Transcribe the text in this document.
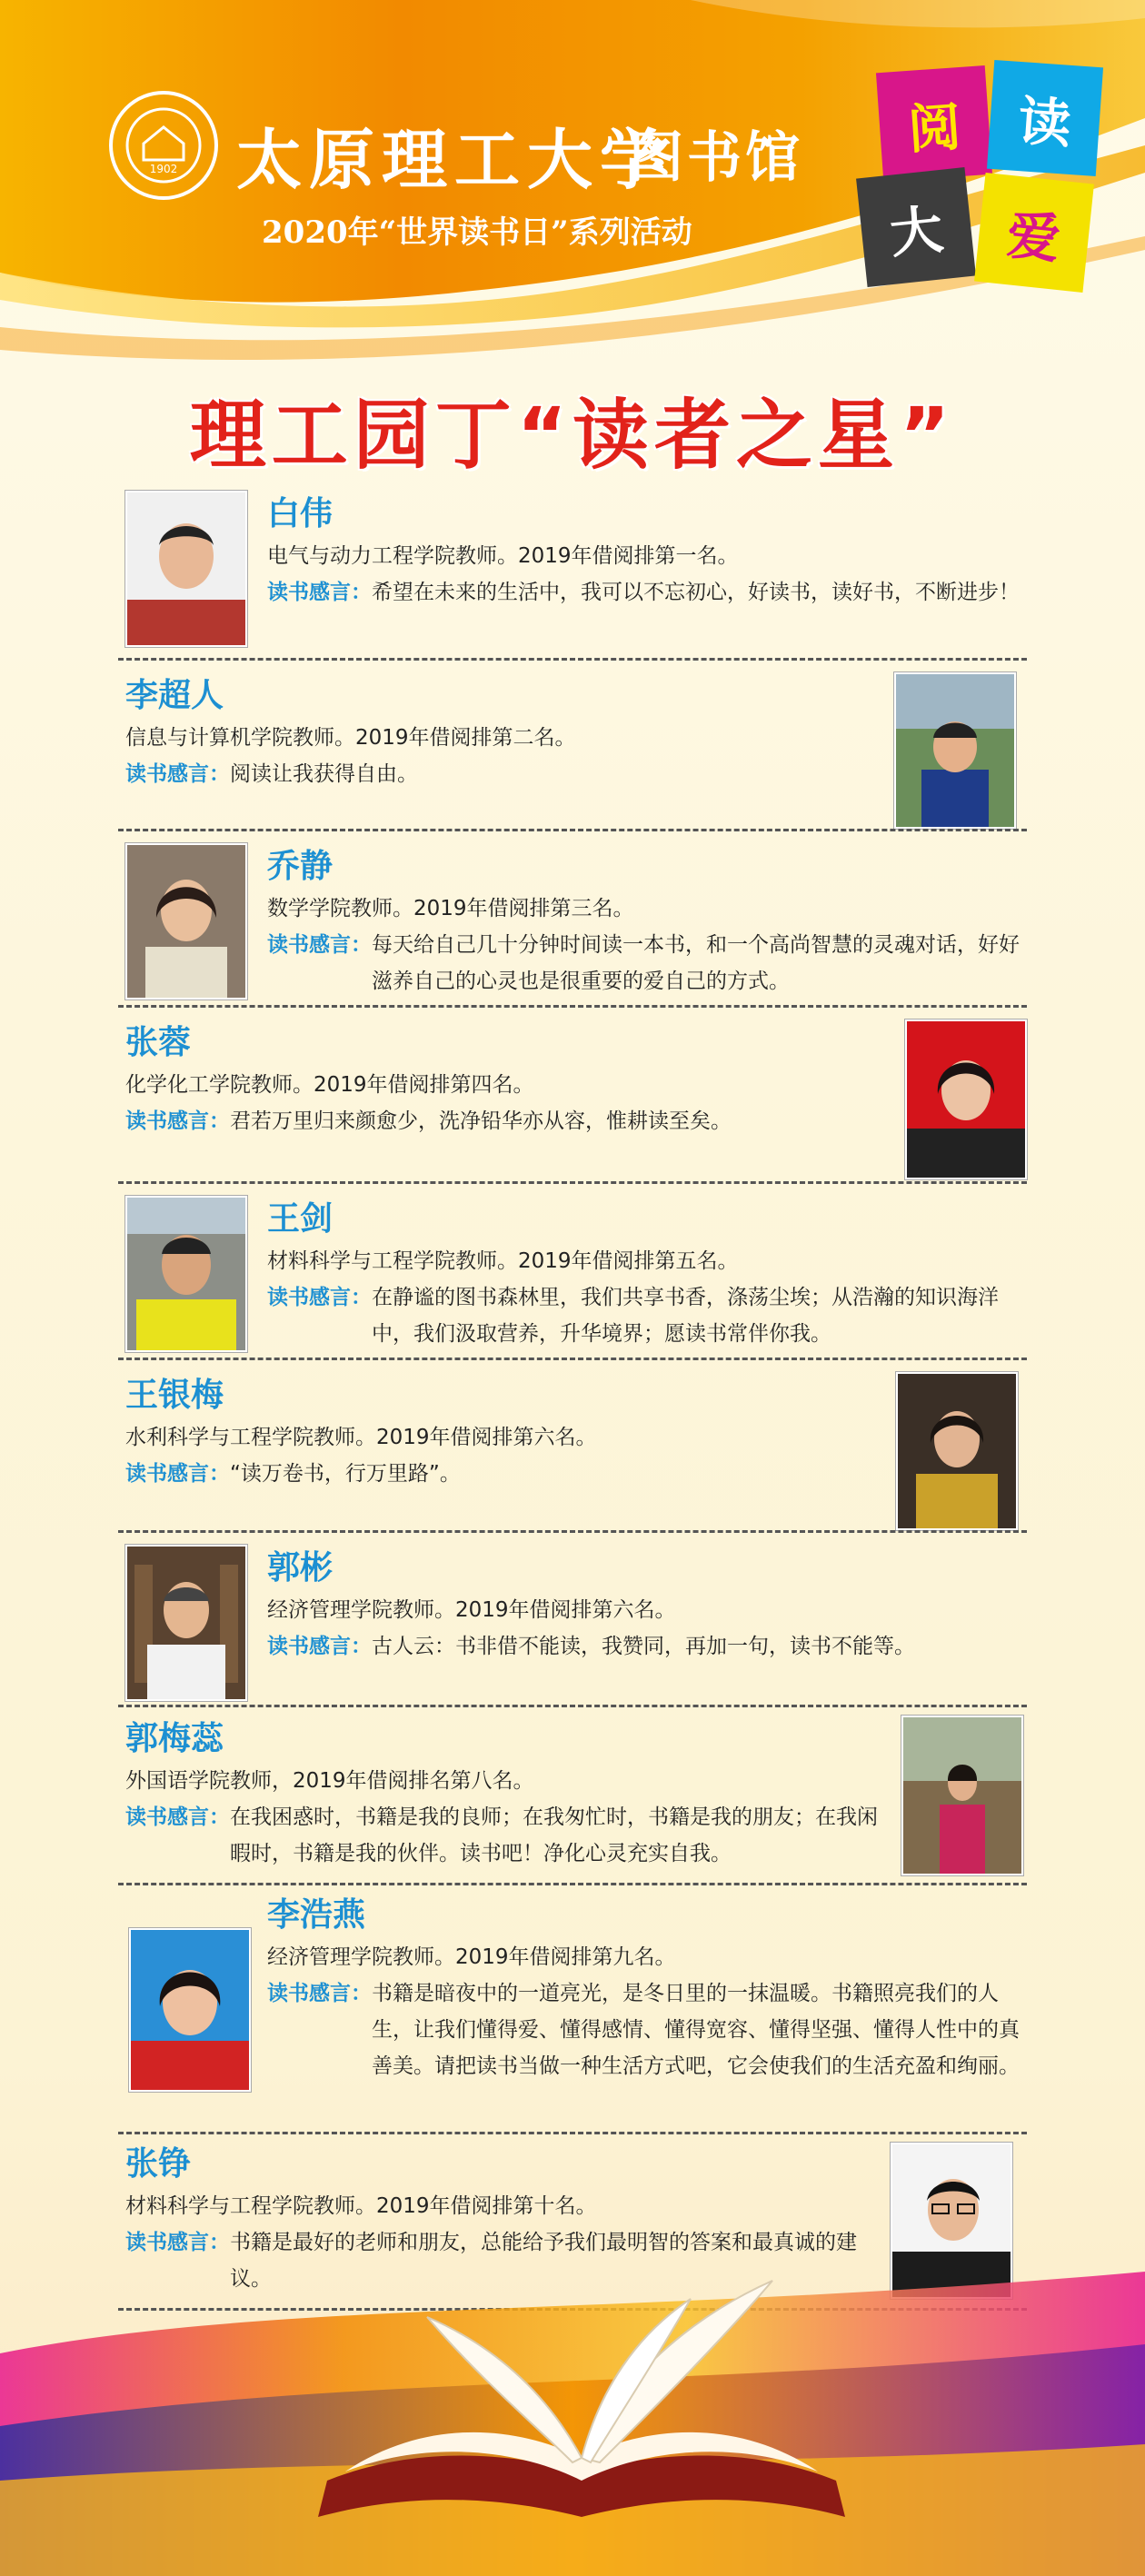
1902 太原理工大学
图书馆
2020年“世界读书日”系列活动
阅 读
大 爱
理工园丁“读者之星”
白伟
电气与动力工程学院教师。2019年借阅排第一名。
读书感言： 希望在未来的生活中，我可以不忘初心，好读书，读好书，不断进步！
李超人
信息与计算机学院教师。2019年借阅排第二名。
读书感言： 阅读让我获得自由。
乔静
数学学院教师。2019年借阅排第三名。
读书感言： 每天给自己几十分钟时间读一本书，和一个高尚智慧的灵魂对话，好好滋养自己的心灵也是很重要的爱自己的方式。
张蓉
化学化工学院教师。2019年借阅排第四名。
读书感言： 君若万里归来颜愈少，洗净铅华亦从容，惟耕读至矣。
王剑
材料科学与工程学院教师。2019年借阅排第五名。
读书感言： 在静谧的图书森林里，我们共享书香，涤荡尘埃；从浩瀚的知识海洋中，我们汲取营养，升华境界；愿读书常伴你我。
王银梅
水利科学与工程学院教师。2019年借阅排第六名。
读书感言： “读万卷书，行万里路”。
郭彬
经济管理学院教师。2019年借阅排第六名。
读书感言： 古人云：书非借不能读，我赞同，再加一句，读书不能等。
郭梅蕊
外国语学院教师，2019年借阅排名第八名。
读书感言： 在我困惑时，书籍是我的良师；在我匆忙时，书籍是我的朋友；在我闲暇时，书籍是我的伙伴。读书吧！净化心灵充实自我。
李浩燕
经济管理学院教师。2019年借阅排第九名。
读书感言： 书籍是暗夜中的一道亮光，是冬日里的一抹温暖。书籍照亮我们的人生，让我们懂得爱、懂得感情、懂得宽容、懂得坚强、懂得人性中的真善美。请把读书当做一种生活方式吧，它会使我们的生活充盈和绚丽。
张铮
材料科学与工程学院教师。2019年借阅排第十名。
读书感言： 书籍是最好的老师和朋友，总能给予我们最明智的答案和最真诚的建议。
